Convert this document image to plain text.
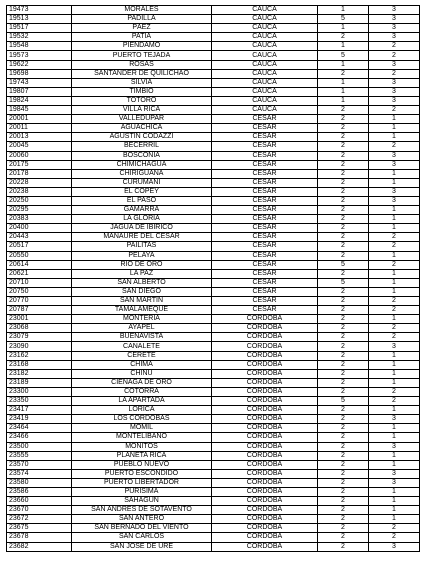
19473	MORALES	CAUCA	1	3
19513	PADILLA	CAUCA	5	3
19517	PÁEZ	CAUCA	1	3
19532	PATÍA	CAUCA	2	3
19548	PIENDAMÓ	CAUCA	1	2
19573	PUERTO TEJADA	CAUCA	5	2
19622	ROSAS	CAUCA	1	3
19698	SANTANDER DE QUILICHAO	CAUCA	2	2
19743	SILVIA	CAUCA	1	3
19807	TIMBÍO	CAUCA	1	3
19824	TOTORÓ	CAUCA	1	3
19845	VILLA RICA	CAUCA	2	2
20001	VALLEDUPAR	CESAR	2	1
20011	AGUACHICA	CESAR	2	1
20013	AGUSTÍN CODAZZI	CESAR	2	1
20045	BECERRIL	CESAR	2	2
20060	BOSCONIA	CESAR	2	3
20175	CHIMICHAGUA	CESAR	2	3
20178	CHIRIGUANÁ	CESAR	2	1
20228	CURUMANÍ	CESAR	2	1
20238	EL COPEY	CESAR	2	3
20250	EL PASO	CESAR	2	3
20295	GAMARRA	CESAR	2	1
20383	LA GLORIA	CESAR	2	1
20400	JAGUA DE IBIRICO	CESAR	2	1
20443	MANAURE DEL CESAR	CESAR	2	2
20517	PAILITAS	CESAR	2	2
20550	PELAYA	CESAR	2	1
20614	RÍO DE ORO	CESAR	5	2
20621	LA PAZ	CESAR	2	1
20710	SAN ALBERTO	CESAR	5	1
20750	SAN DIEGO	CESAR	2	1
20770	SAN MARTÍN	CESAR	2	2
20787	TAMALAMEQUE	CESAR	2	2
23001	MONTERÍA	CÓRDOBA	2	1
23068	AYAPEL	CÓRDOBA	2	2
23079	BUENAVISTA	CÓRDOBA	2	2
23090	CANALETE	CÓRDOBA	2	3
23162	CERETÉ	CÓRDOBA	2	1
23168	CHIMÁ	CÓRDOBA	2	1
23182	CHINÚ	CÓRDOBA	2	1
23189	CIÉNAGA DE ORO	CÓRDOBA	2	1
23300	COTORRA	CÓRDOBA	2	2
23350	LA APARTADA	CÓRDOBA	5	2
23417	LORICA	CÓRDOBA	2	1
23419	LOS CÓRDOBAS	CÓRDOBA	2	3
23464	MOMIL	CÓRDOBA	2	1
23466	MONTELÍBANO	CÓRDOBA	2	1
23500	MOÑITOS	CÓRDOBA	2	3
23555	PLANETA RICA	CÓRDOBA	2	1
23570	PUEBLO NUEVO	CÓRDOBA	2	1
23574	PUERTO ESCONDIDO	CÓRDOBA	2	3
23580	PUERTO LIBERTADOR	CÓRDOBA	2	3
23586	PURÍSIMA	CÓRDOBA	2	1
23660	SAHAGÚN	CÓRDOBA	2	1
23670	SAN ANDRÉS DE SOTAVENTO	CÓRDOBA	2	1
23672	SAN ANTERO	CÓRDOBA	2	1
23675	SAN BERNADO DEL VIENTO	CÓRDOBA	2	2
23678	SAN CARLOS	CÓRDOBA	2	2
23682	SAN JOSÉ DE URE	CÓRDOBA	2	3
